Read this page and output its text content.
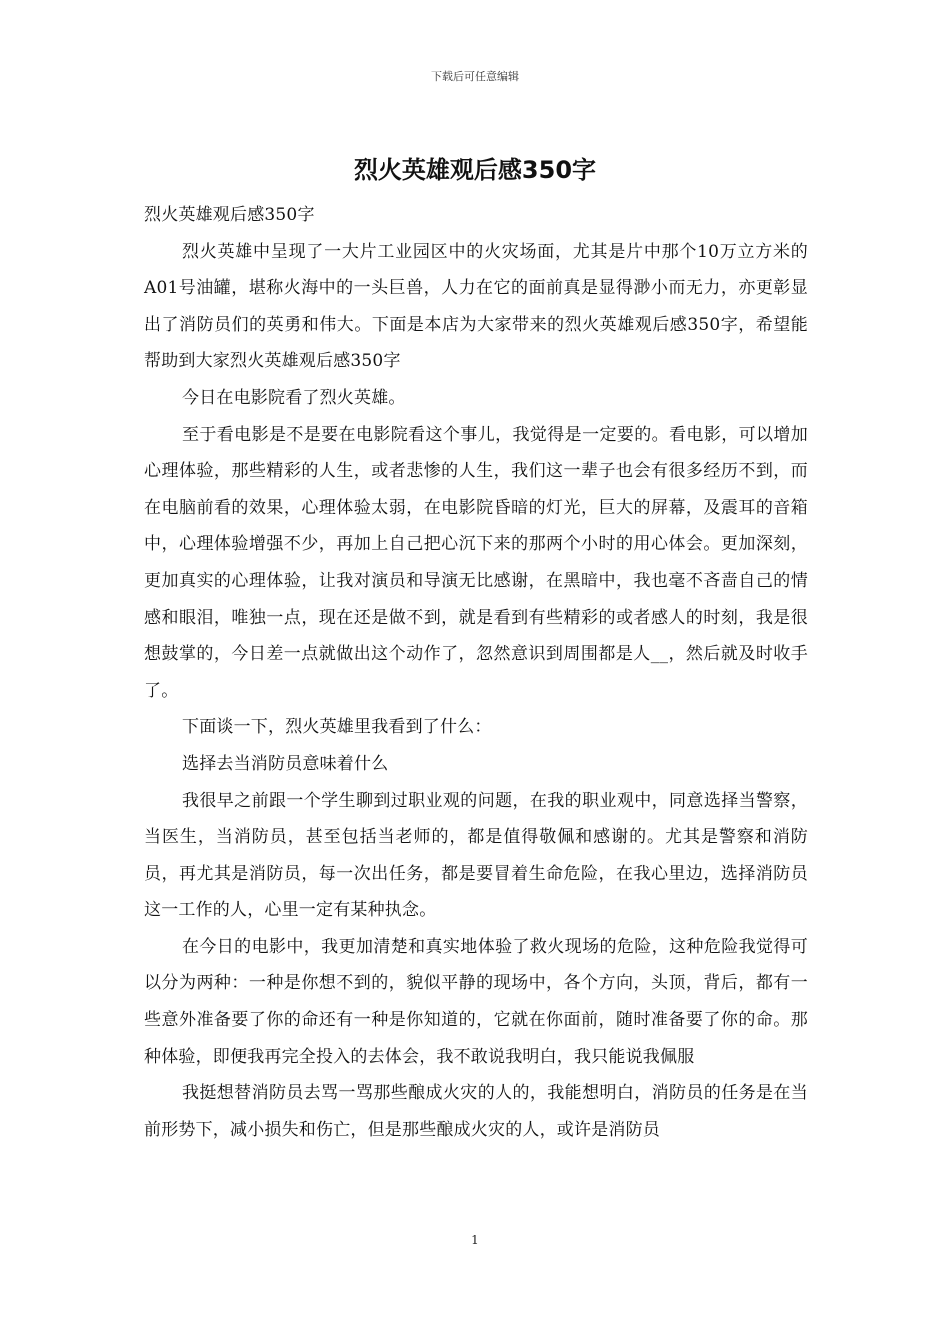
下载后可任意编辑
烈火英雄观后感350字

烈火英雄观后感350字

烈火英雄中呈现了一大片工业园区中的火灾场面，尤其是片中那个10万立方米的A01号油罐，堪称火海中的一头巨兽，人力在它的面前真是显得渺小而无力，亦更彰显出了消防员们的英勇和伟大。下面是本店为大家带来的烈火英雄观后感350字，希望能帮助到大家烈火英雄观后感350字

今日在电影院看了烈火英雄。

至于看电影是不是要在电影院看这个事儿，我觉得是一定要的。看电影，可以增加心理体验，那些精彩的人生，或者悲惨的人生，我们这一辈子也会有很多经历不到，而在电脑前看的效果，心理体验太弱，在电影院昏暗的灯光，巨大的屏幕，及震耳的音箱中，心理体验增强不少，再加上自己把心沉下来的那两个小时的用心体会。更加深刻，更加真实的心理体验，让我对演员和导演无比感谢，在黑暗中，我也毫不吝啬自己的情感和眼泪，唯独一点，现在还是做不到，就是看到有些精彩的或者感人的时刻，我是很想鼓掌的，今日差一点就做出这个动作了，忽然意识到周围都是人__，然后就及时收手了。

下面谈一下，烈火英雄里我看到了什么：

选择去当消防员意味着什么

我很早之前跟一个学生聊到过职业观的问题，在我的职业观中，同意选择当警察，当医生，当消防员，甚至包括当老师的，都是值得敬佩和感谢的。尤其是警察和消防员，再尤其是消防员，每一次出任务，都是要冒着生命危险，在我心里边，选择消防员这一工作的人，心里一定有某种执念。

在今日的电影中，我更加清楚和真实地体验了救火现场的危险，这种危险我觉得可以分为两种：一种是你想不到的，貌似平静的现场中，各个方向，头顶，背后，都有一些意外准备要了你的命还有一种是你知道的，它就在你面前，随时准备要了你的命。那种体验，即便我再完全投入的去体会，我不敢说我明白，我只能说我佩服

我挺想替消防员去骂一骂那些酿成火灾的人的，我能想明白，消防员的任务是在当前形势下，减小损失和伤亡，但是那些酿成火灾的人，或许是消防员

1
